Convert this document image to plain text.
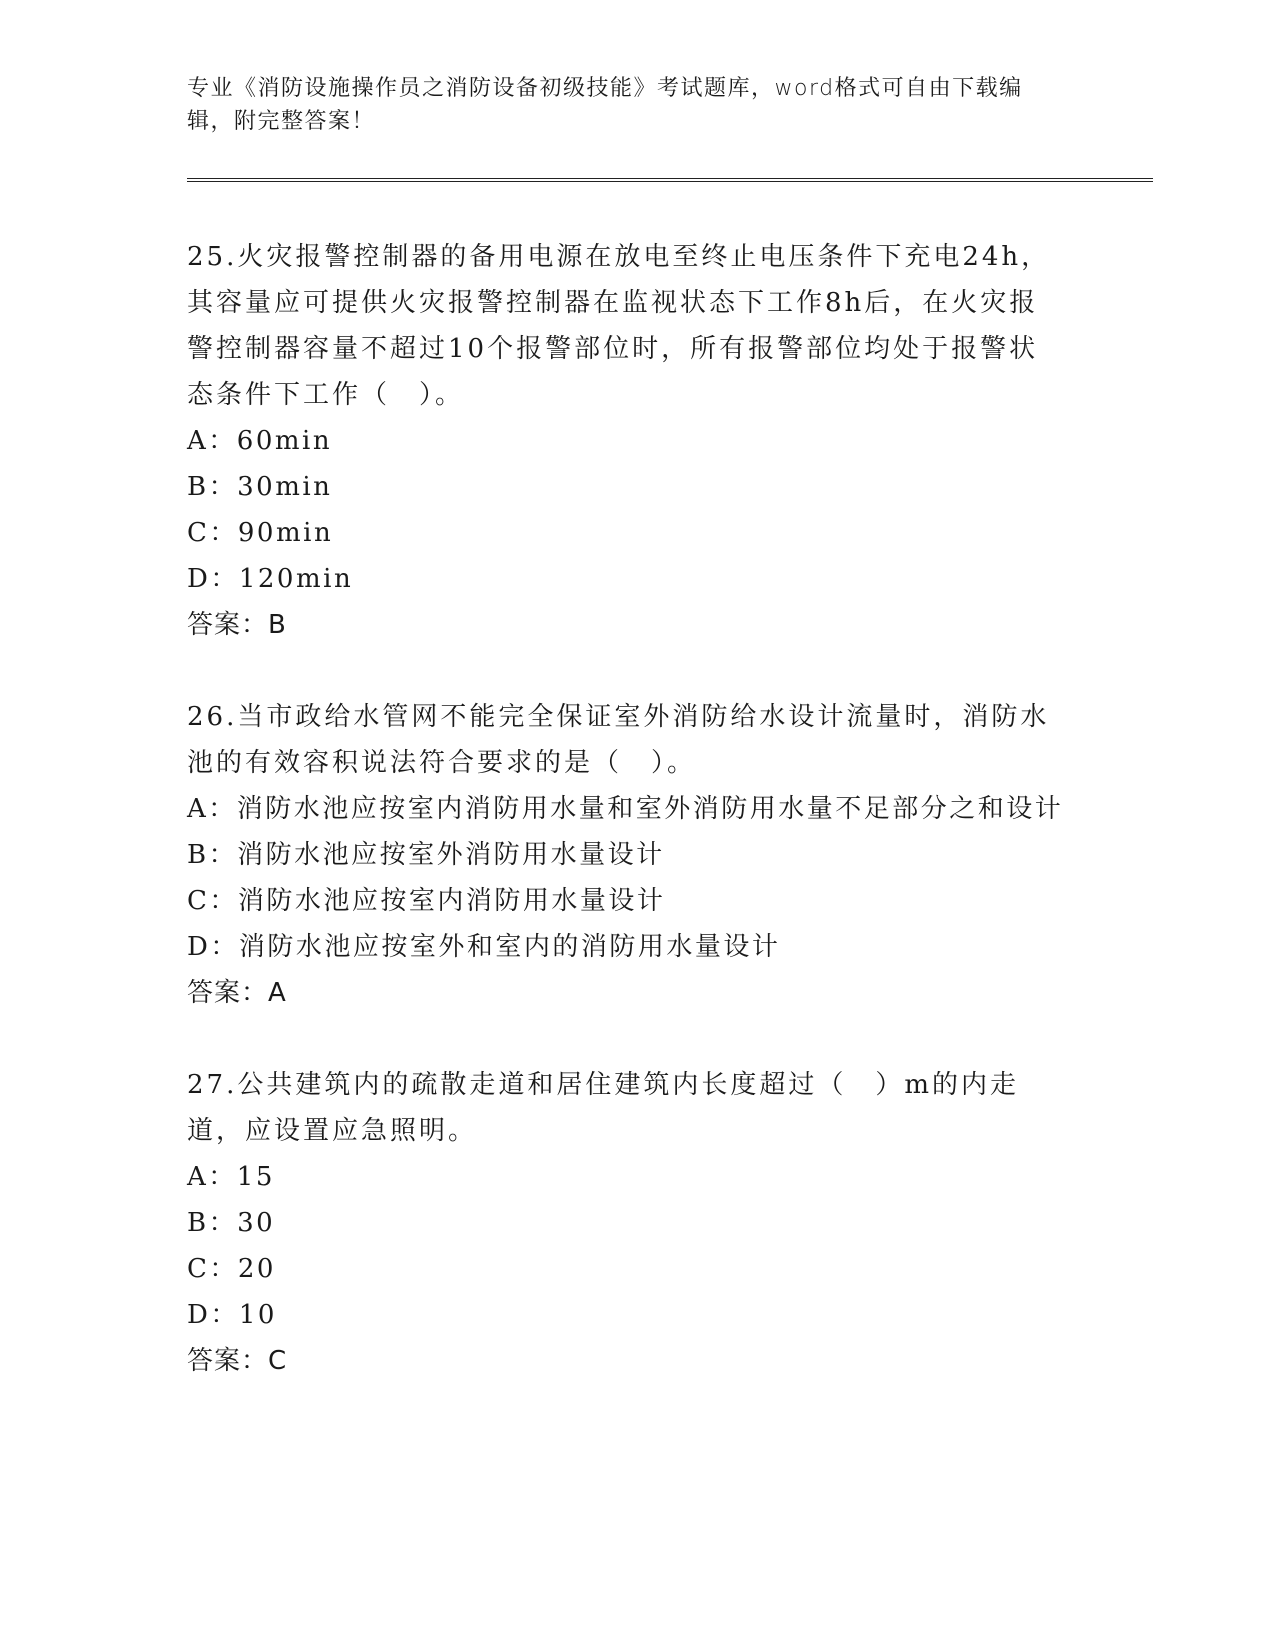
专业《消防设施操作员之消防设备初级技能》考试题库，word格式可自由下载编辑，附完整答案！

25.火灾报警控制器的备用电源在放电至终止电压条件下充电24h，其容量应可提供火灾报警控制器在监视状态下工作8h后，在火灾报警控制器容量不超过10个报警部位时，所有报警部位均处于报警状态条件下工作（　）。

A：60min

B：30min

C：90min

D：120min

答案：B

26.当市政给水管网不能完全保证室外消防给水设计流量时，消防水池的有效容积说法符合要求的是（　）。

A：消防水池应按室内消防用水量和室外消防用水量不足部分之和设计

B：消防水池应按室外消防用水量设计

C：消防水池应按室内消防用水量设计

D：消防水池应按室外和室内的消防用水量设计

答案：A

27.公共建筑内的疏散走道和居住建筑内长度超过（　）m的内走道，应设置应急照明。

A：15

B：30

C：20

D：10

答案：C
